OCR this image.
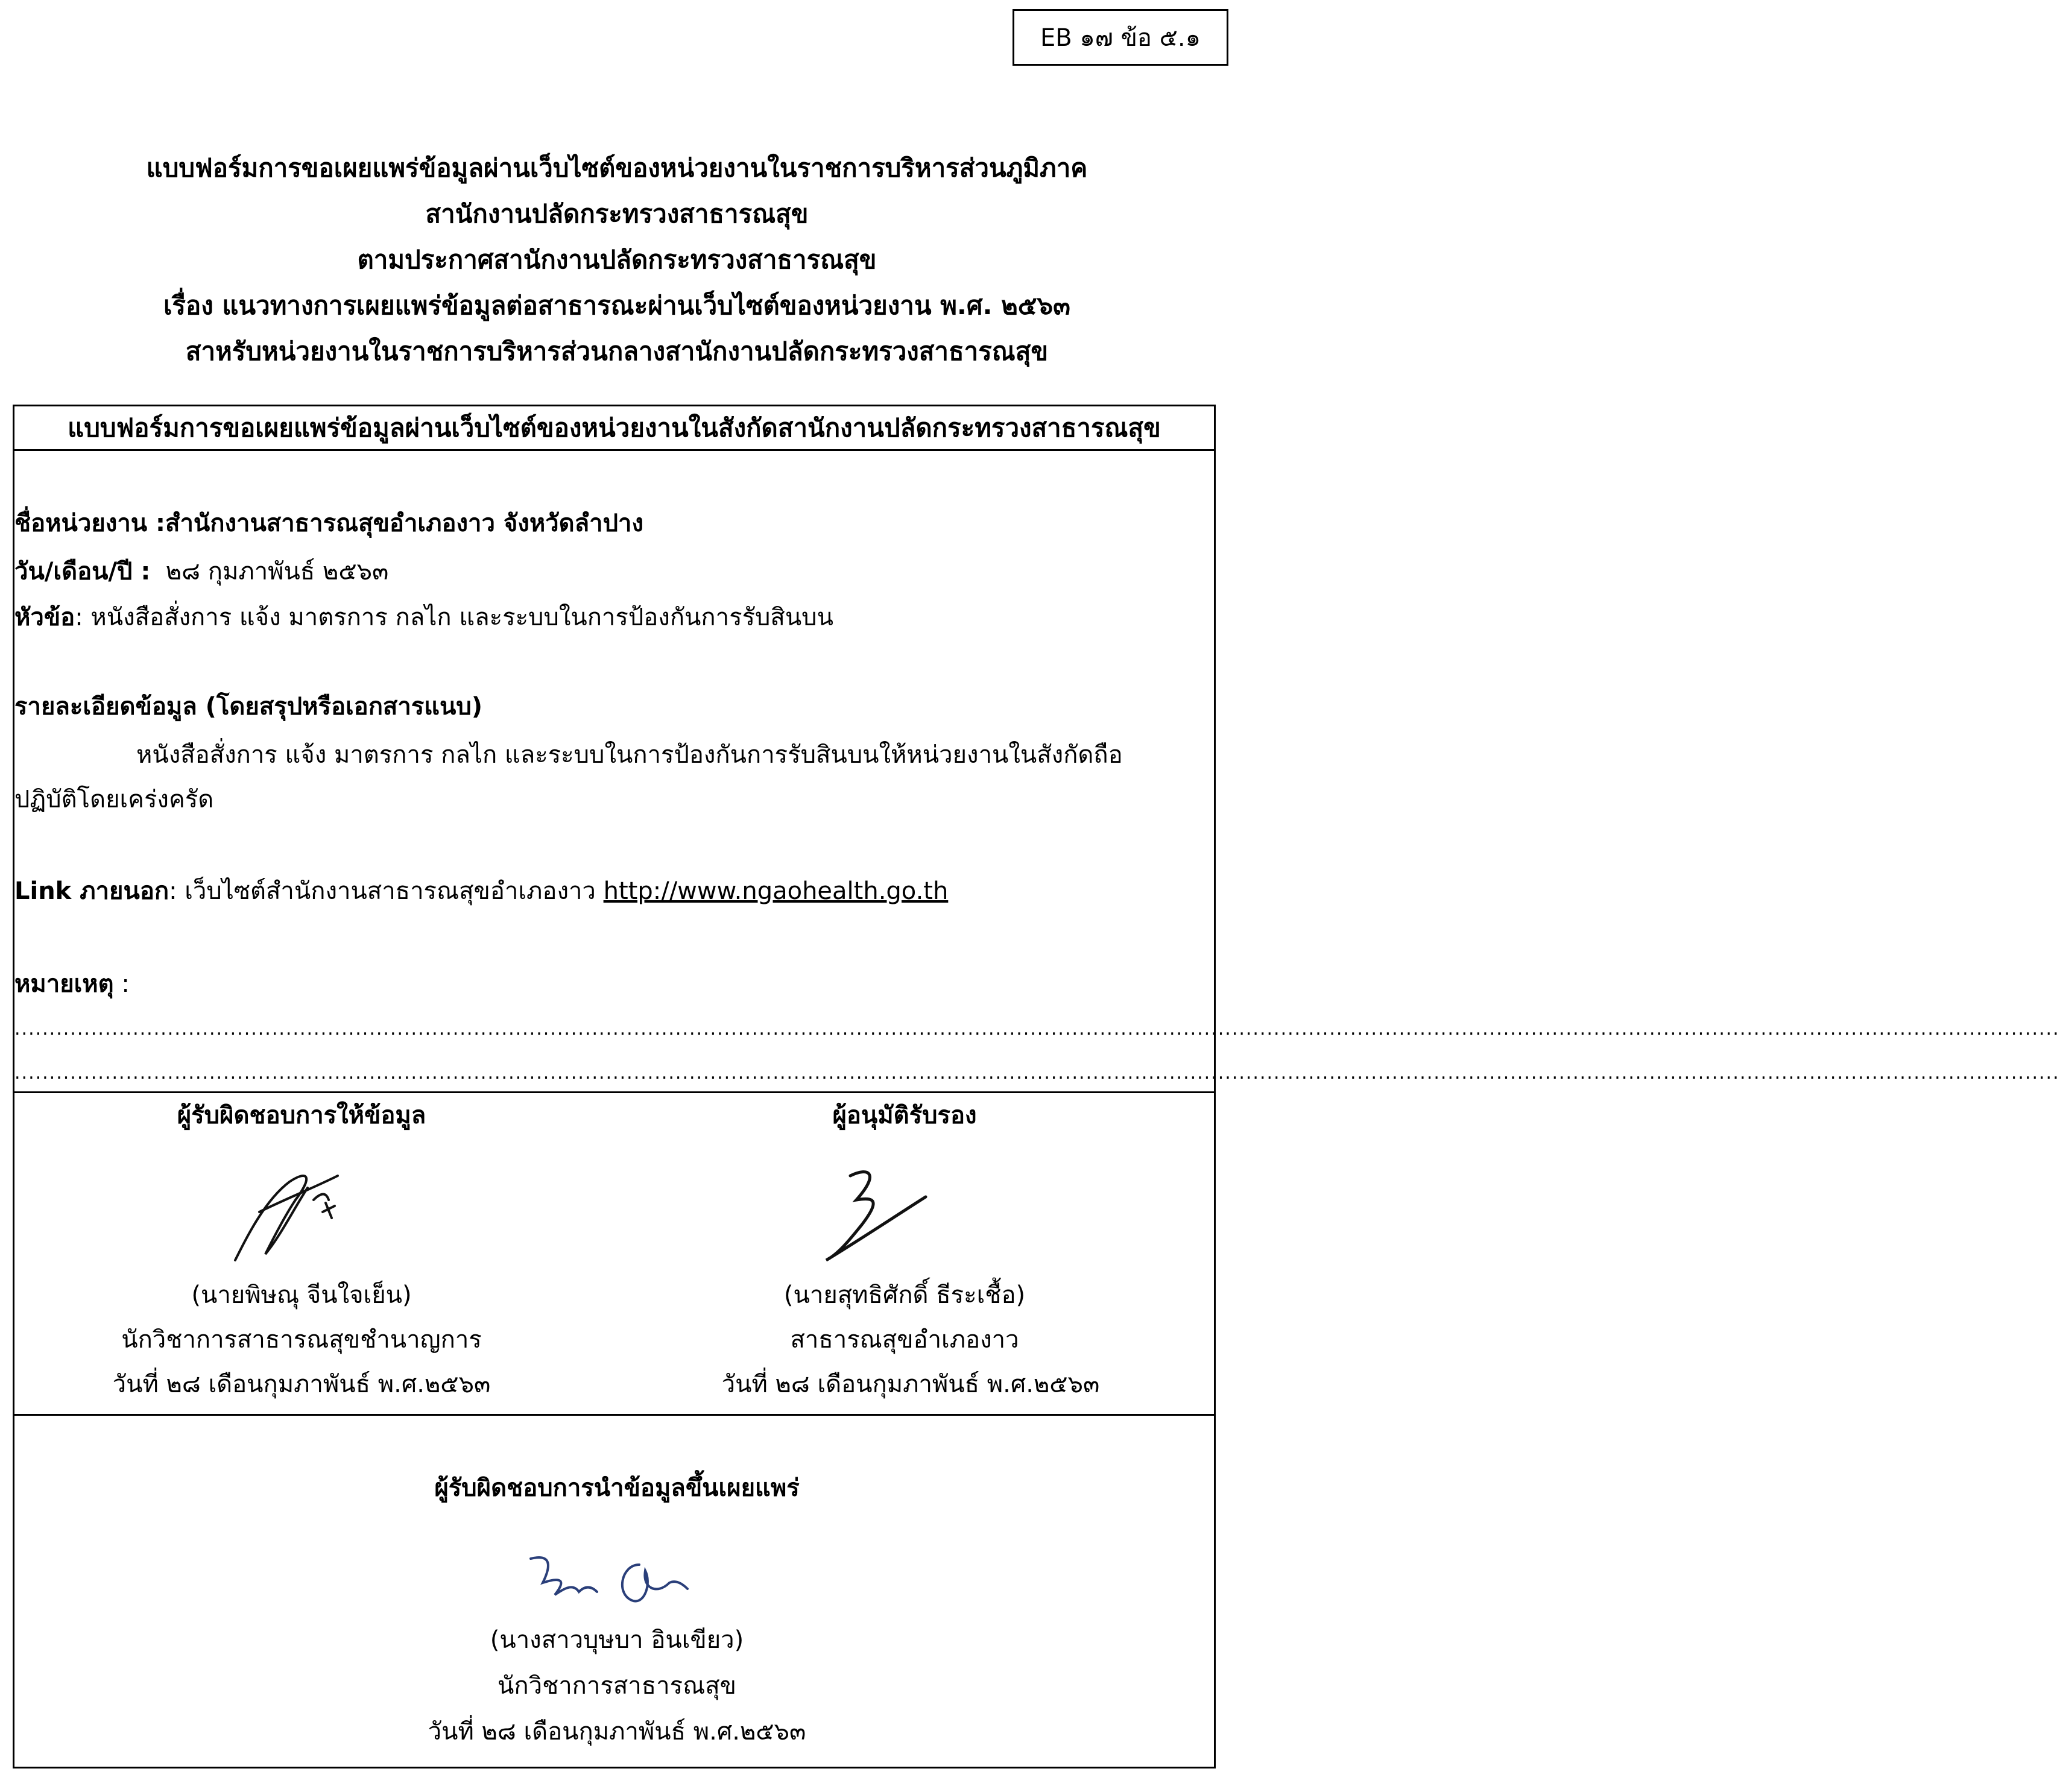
EB ๑๗ ข้อ ๕.๑
แบบฟอร์มการขอเผยแพร่ข้อมูลผ่านเว็บไซต์ของหน่วยงานในราชการบริหารส่วนภูมิภาค
สานักงานปลัดกระทรวงสาธารณสุข
ตามประกาศสานักงานปลัดกระทรวงสาธารณสุข
เรื่อง แนวทางการเผยแพร่ข้อมูลต่อสาธารณะผ่านเว็บไซต์ของหน่วยงาน พ.ศ. ๒๕๖๓
สาหรับหน่วยงานในราชการบริหารส่วนกลางสานักงานปลัดกระทรวงสาธารณสุข
แบบฟอร์มการขอเผยแพร่ข้อมูลผ่านเว็บไซต์ของหน่วยงานในสังกัดสานักงานปลัดกระทรวงสาธารณสุข
ชื่อหน่วยงาน :สำนักงานสาธารณสุขอำเภองาว จังหวัดลำปาง
วัน/เดือน/ปี : ๒๘ กุมภาพันธ์ ๒๕๖๓
หัวข้อ: หนังสือสั่งการ แจ้ง มาตรการ กลไก และระบบในการป้องกันการรับสินบน
รายละเอียดข้อมูล (โดยสรุปหรือเอกสารแนบ)
หนังสือสั่งการ แจ้ง มาตรการ กลไก และระบบในการป้องกันการรับสินบนให้หน่วยงานในสังกัดถือ
ปฏิบัติโดยเคร่งครัด
Link ภายนอก: เว็บไซต์สำนักงานสาธารณสุขอำเภองาว http://www.ngaohealth.go.th
หมายเหตุ :
......................................................................................................................................................................................................................................................................................................
......................................................................................................................................................................................................................................................................................................
ผู้รับผิดชอบการให้ข้อมูล
(นายพิษณุ จีนใจเย็น)
นักวิชาการสาธารณสุขชำนาญการ
วันที่ ๒๘ เดือนกุมภาพันธ์ พ.ศ.๒๕๖๓
ผู้อนุมัติรับรอง
(นายสุทธิศักดิ์ ธีระเชื้อ)
สาธารณสุขอำเภองาว
วันที่ ๒๘ เดือนกุมภาพันธ์ พ.ศ.๒๕๖๓
ผู้รับผิดชอบการนำข้อมูลขึ้นเผยแพร่
(นางสาวบุษบา อินเขียว)
นักวิชาการสาธารณสุข
วันที่ ๒๘ เดือนกุมภาพันธ์ พ.ศ.๒๕๖๓
